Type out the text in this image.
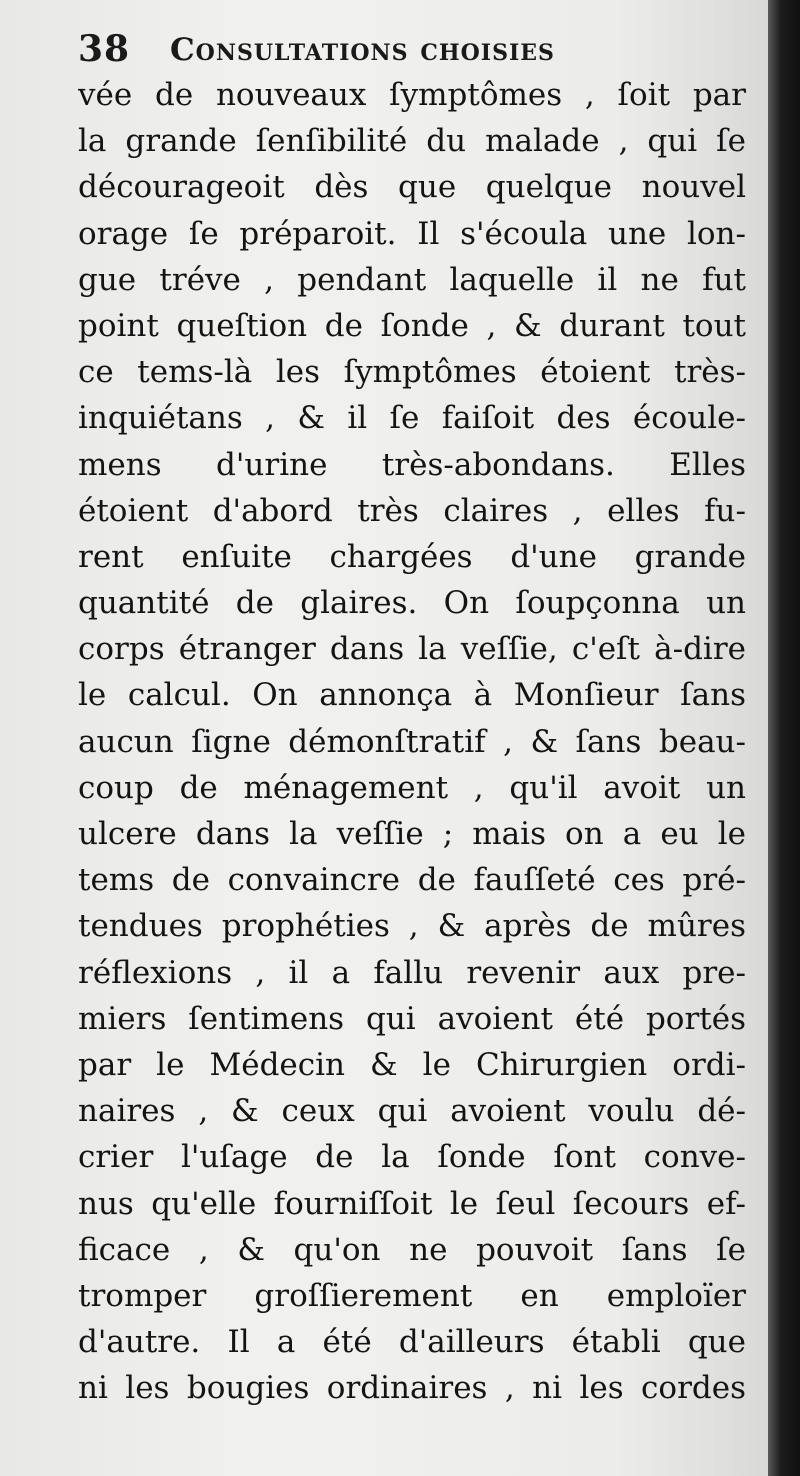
38 Consultations choisies
vée de nouveaux ſymptômes , ſoit par
la grande ſenſibilité du malade , qui ſe
décourageoit dès que quelque nouvel
orage ſe préparoit. Il s'écoula une lon-
gue tréve , pendant laquelle il ne fut
point queſtion de ſonde , & durant tout
ce tems-là les ſymptômes étoient très-
inquiétans , & il ſe faiſoit des écoule-
mens d'urine très-abondans. Elles
étoient d'abord très claires , elles fu-
rent enſuite chargées d'une grande
quantité de glaires. On ſoupçonna un
corps étranger dans la veſſie, c'eſt à-dire
le calcul. On annonça à Monſieur ſans
aucun ſigne démonſtratif , & ſans beau-
coup de ménagement , qu'il avoit un
ulcere dans la veſſie ; mais on a eu le
tems de convaincre de fauſſeté ces pré-
tendues prophéties , & après de mûres
réflexions , il a fallu revenir aux pre-
miers ſentimens qui avoient été portés
par le Médecin & le Chirurgien ordi-
naires , & ceux qui avoient voulu dé-
crier l'uſage de la ſonde ſont conve-
nus qu'elle fourniſſoit le ſeul ſecours ef-
ficace , & qu'on ne pouvoit ſans ſe
tromper groſſierement en emploïer
d'autre. Il a été d'ailleurs établi que
ni les bougies ordinaires , ni les cordes
